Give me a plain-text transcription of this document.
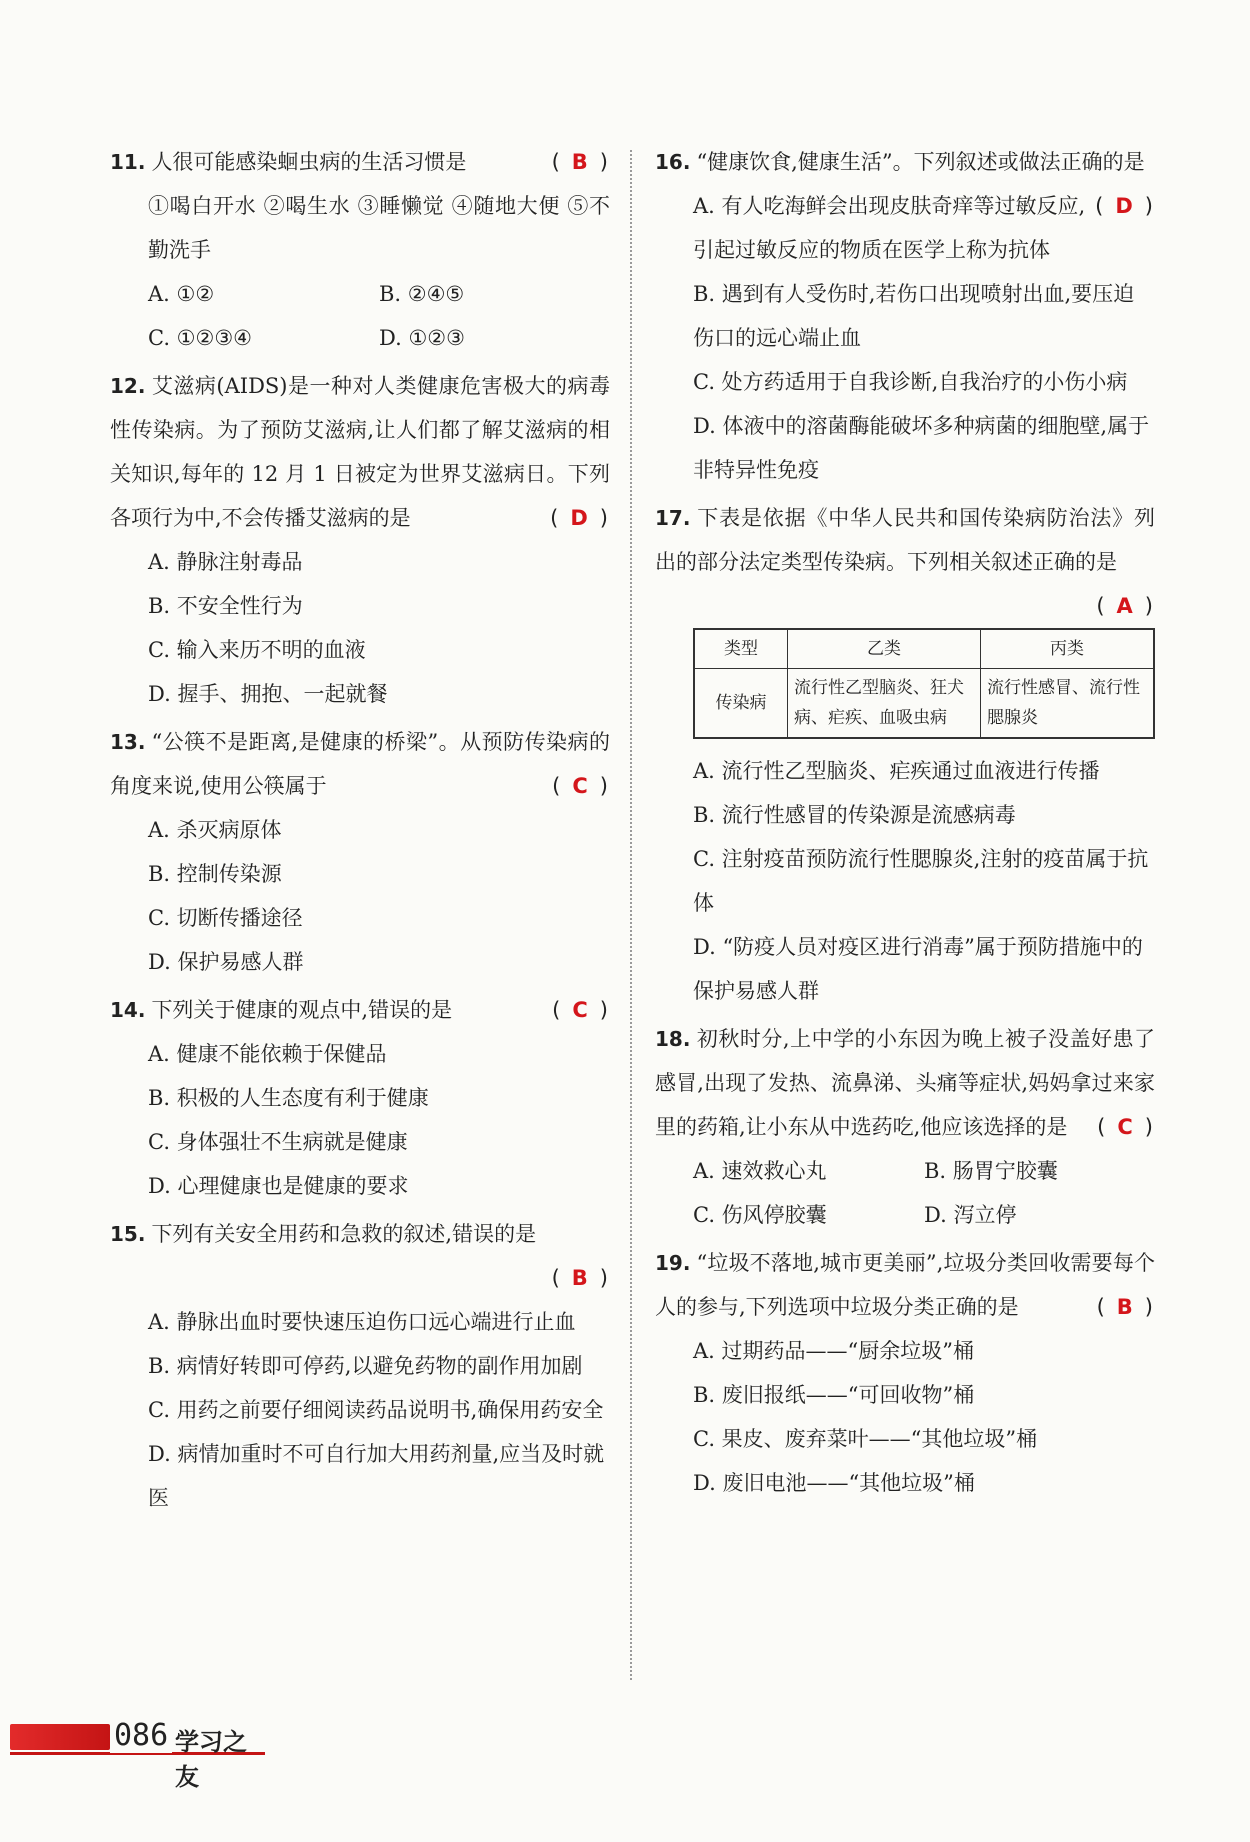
( B )
11. 人很可能感染蛔虫病的生活习惯是
①喝白开水 ②喝生水 ③睡懒觉 ④随地大便 ⑤不勤洗手
A. ①②	B. ②④⑤
C. ①②③④	D. ①②③
12. 艾滋病(AIDS)是一种对人类健康危害极大的病毒性传染病。为了预防艾滋病,让人们都了解艾滋病的相关知识,每年的 12 月 1 日被定为世界艾滋病日。下列各项行为中,不会传播艾滋病的是	( D )
A. 静脉注射毒品
B. 不安全性行为
C. 输入来历不明的血液
D. 握手、拥抱、一起就餐
13. “公筷不是距离,是健康的桥梁”。从预防传染病的角度来说,使用公筷属于	( C )
A. 杀灭病原体
B. 控制传染源
C. 切断传播途径
D. 保护易感人群
( C )
14. 下列关于健康的观点中,错误的是
A. 健康不能依赖于保健品
B. 积极的人生态度有利于健康
C. 身体强壮不生病就是健康
D. 心理健康也是健康的要求
15. 下列有关安全用药和急救的叙述,错误的是
( B )
A. 静脉出血时要快速压迫伤口远心端进行止血
B. 病情好转即可停药,以避免药物的副作用加剧
C. 用药之前要仔细阅读药品说明书,确保用药安全
D. 病情加重时不可自行加大用药剂量,应当及时就医
16. “健康饮食,健康生活”。下列叙述或做法正确的是
( D )
A. 有人吃海鲜会出现皮肤奇痒等过敏反应,引起过敏反应的物质在医学上称为抗体
B. 遇到有人受伤时,若伤口出现喷射出血,要压迫伤口的远心端止血
C. 处方药适用于自我诊断,自我治疗的小伤小病
D. 体液中的溶菌酶能破坏多种病菌的细胞壁,属于非特异性免疫
17. 下表是依据《中华人民共和国传染病防治法》列出的部分法定类型传染病。下列相关叙述正确的是
( A )
类型	乙类	丙类
传染病	流行性乙型脑炎、狂犬病、疟疾、血吸虫病	流行性感冒、流行性腮腺炎
A. 流行性乙型脑炎、疟疾通过血液进行传播
B. 流行性感冒的传染源是流感病毒
C. 注射疫苗预防流行性腮腺炎,注射的疫苗属于抗体
D. “防疫人员对疫区进行消毒”属于预防措施中的保护易感人群
18. 初秋时分,上中学的小东因为晚上被子没盖好患了感冒,出现了发热、流鼻涕、头痛等症状,妈妈拿过来家里的药箱,让小东从中选药吃,他应该选择的是 ( C )
A. 速效救心丸	B. 肠胃宁胶囊
C. 伤风停胶囊	D. 泻立停
19. “垃圾不落地,城市更美丽”,垃圾分类回收需要每个人的参与,下列选项中垃圾分类正确的是	( B )
A. 过期药品——“厨余垃圾”桶
B. 废旧报纸——“可回收物”桶
C. 果皮、废弃菜叶——“其他垃圾”桶
D. 废旧电池——“其他垃圾”桶
086 学习之友
